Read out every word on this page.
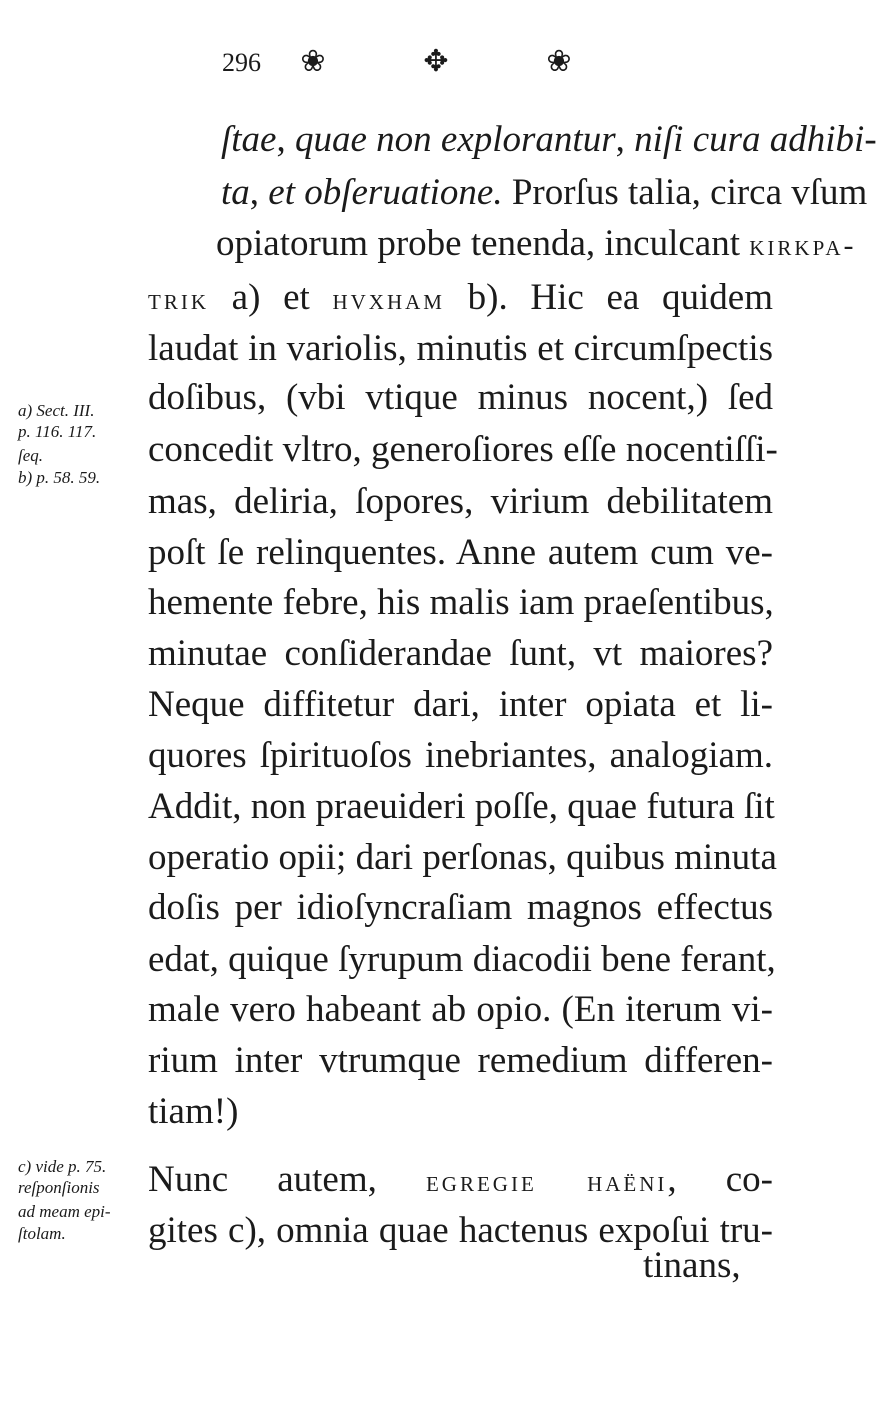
296 ❀	✥	❀
ſtae, quae non explorantur, niſi cura adhibi-
ta, et obſeruatione. Prorſus talia, circa vſum
opiatorum probe tenenda, inculcant kirkpa-
trik a) et hvxham b). Hic ea quidem
laudat in variolis, minutis et circumſpectis
doſibus, (vbi vtique minus nocent,) ſed
concedit vltro, generoſiores eſſe nocentiſſi-
mas, deliria, ſopores, virium debilitatem
poſt ſe relinquentes. Anne autem cum ve-
hemente febre, his malis iam praeſentibus,
minutae conſiderandae ſunt, vt maiores?
Neque diffitetur dari, inter opiata et li-
quores ſpirituoſos inebriantes, analogiam.
Addit, non praeuideri poſſe, quae futura ſit
operatio opii; dari perſonas, quibus minuta
doſis per idioſyncraſiam magnos effectus
edat, quique ſyrupum diacodii bene ferant,
male vero habeant ab opio. (En iterum vi-
rium inter vtrumque remedium differen-
tiam!)
Nunc autem, egregie haëni, co-
gites c), omnia quae hactenus expoſui tru-
a) Sect. III.
p. 116. 117.
ſeq.
b) p. 58. 59.
c) vide p. 75.
reſponſionis
ad meam epi-
ſtolam.
tinans,
